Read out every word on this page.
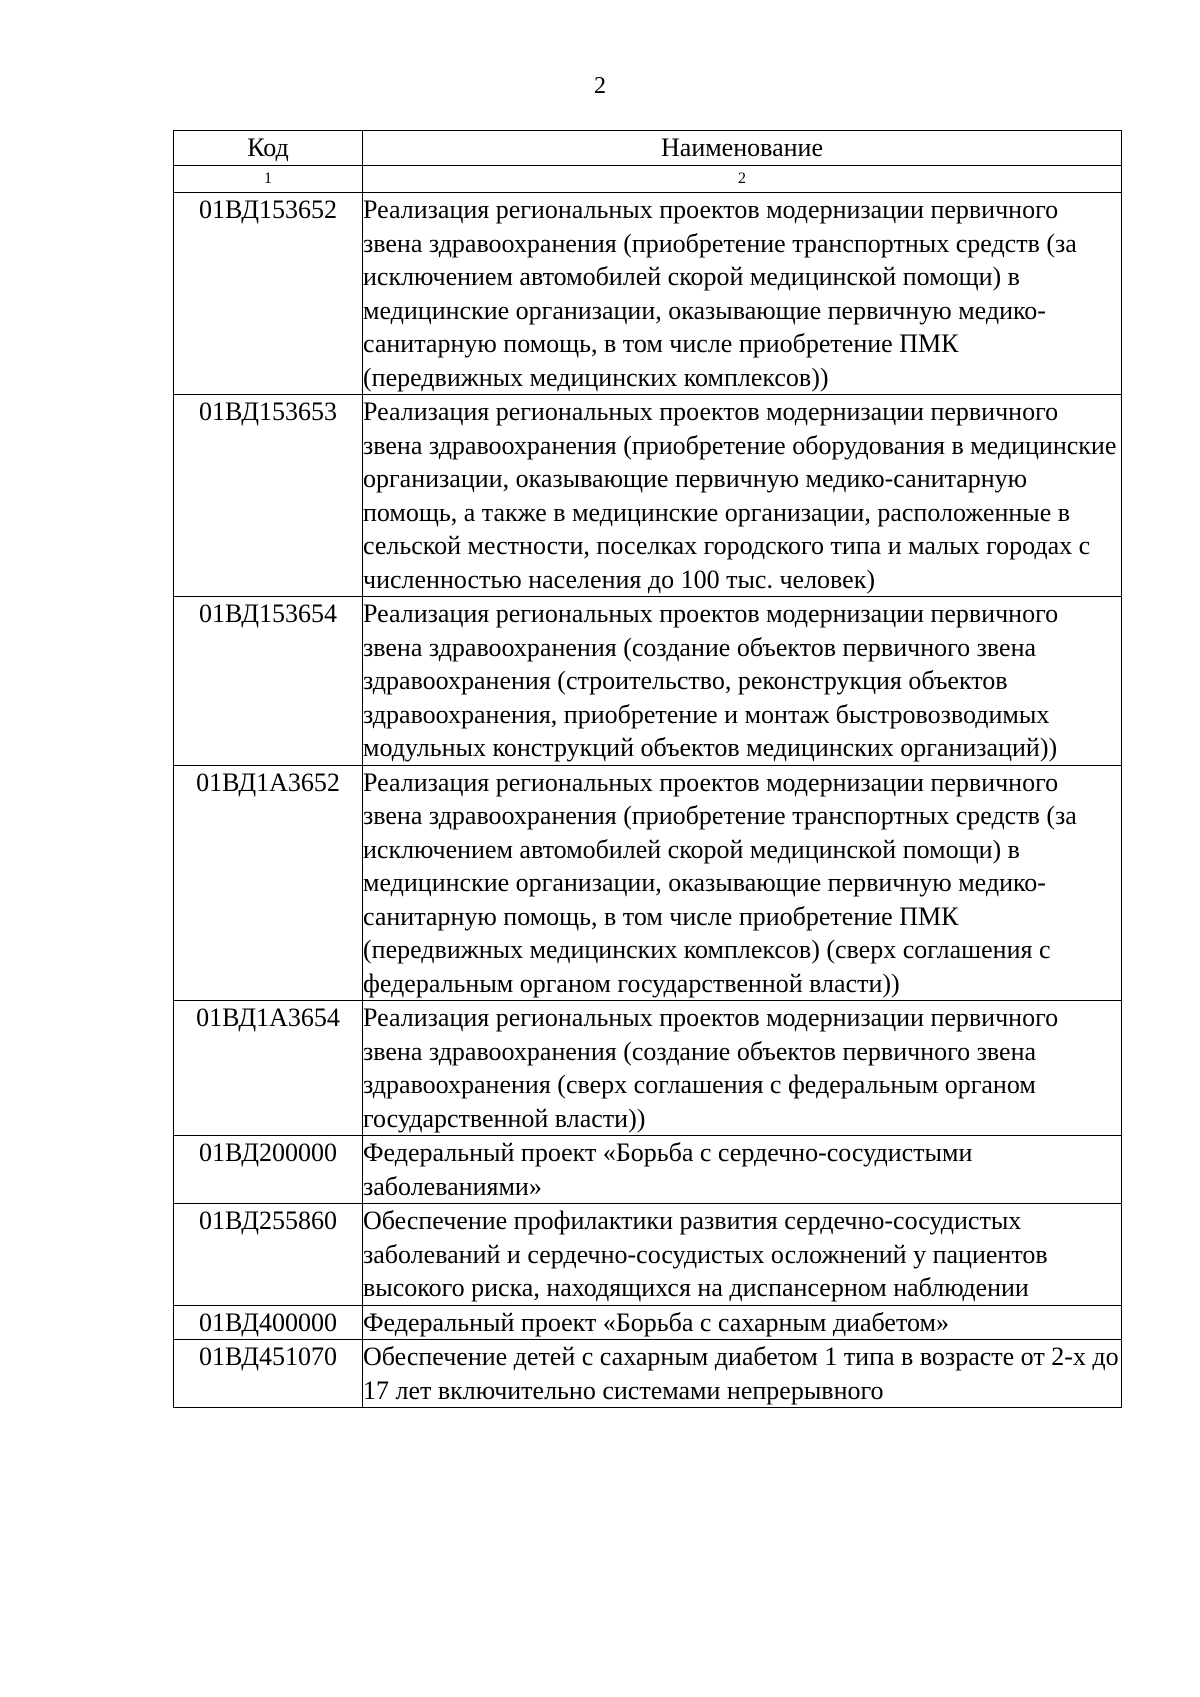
2
Код	Наименование
1	2
01ВД153652	Реализация региональных проектов модернизации первичного звена здравоохранения (приобретение транспортных средств (за исключением автомобилей скорой медицинской помощи) в медицинские организации, оказывающие первичную медико-санитарную помощь, в том числе приобретение ПМК (передвижных медицинских комплексов))
01ВД153653	Реализация региональных проектов модернизации первичного звена здравоохранения (приобретение оборудования в медицинские организации, оказывающие первичную медико-санитарную помощь, а также в медицинские организации, расположенные в сельской местности, поселках городского типа и малых городах с численностью населения до 100 тыс. человек)
01ВД153654	Реализация региональных проектов модернизации первичного звена здравоохранения (создание объектов первичного звена здравоохранения (строительство, реконструкция объектов здравоохранения, приобретение и монтаж быстровозводимых модульных конструкций объектов медицинских организаций))
01ВД1А3652	Реализация региональных проектов модернизации первичного звена здравоохранения (приобретение транспортных средств (за исключением автомобилей скорой медицинской помощи) в медицинские организации, оказывающие первичную медико-санитарную помощь, в том числе приобретение ПМК (передвижных медицинских комплексов) (сверх соглашения с федеральным органом государственной власти))
01ВД1А3654	Реализация региональных проектов модернизации первичного звена здравоохранения (создание объектов первичного звена здравоохранения (сверх соглашения с федеральным органом государственной власти))
01ВД200000	Федеральный проект «Борьба с сердечно-сосудистыми заболеваниями»
01ВД255860	Обеспечение профилактики развития сердечно-сосудистых заболеваний и сердечно-сосудистых осложнений у пациентов высокого риска, находящихся на диспансерном наблюдении
01ВД400000	Федеральный проект «Борьба с сахарным диабетом»
01ВД451070	Обеспечение детей с сахарным диабетом 1 типа в возрасте от 2-х до 17 лет включительно системами непрерывного
